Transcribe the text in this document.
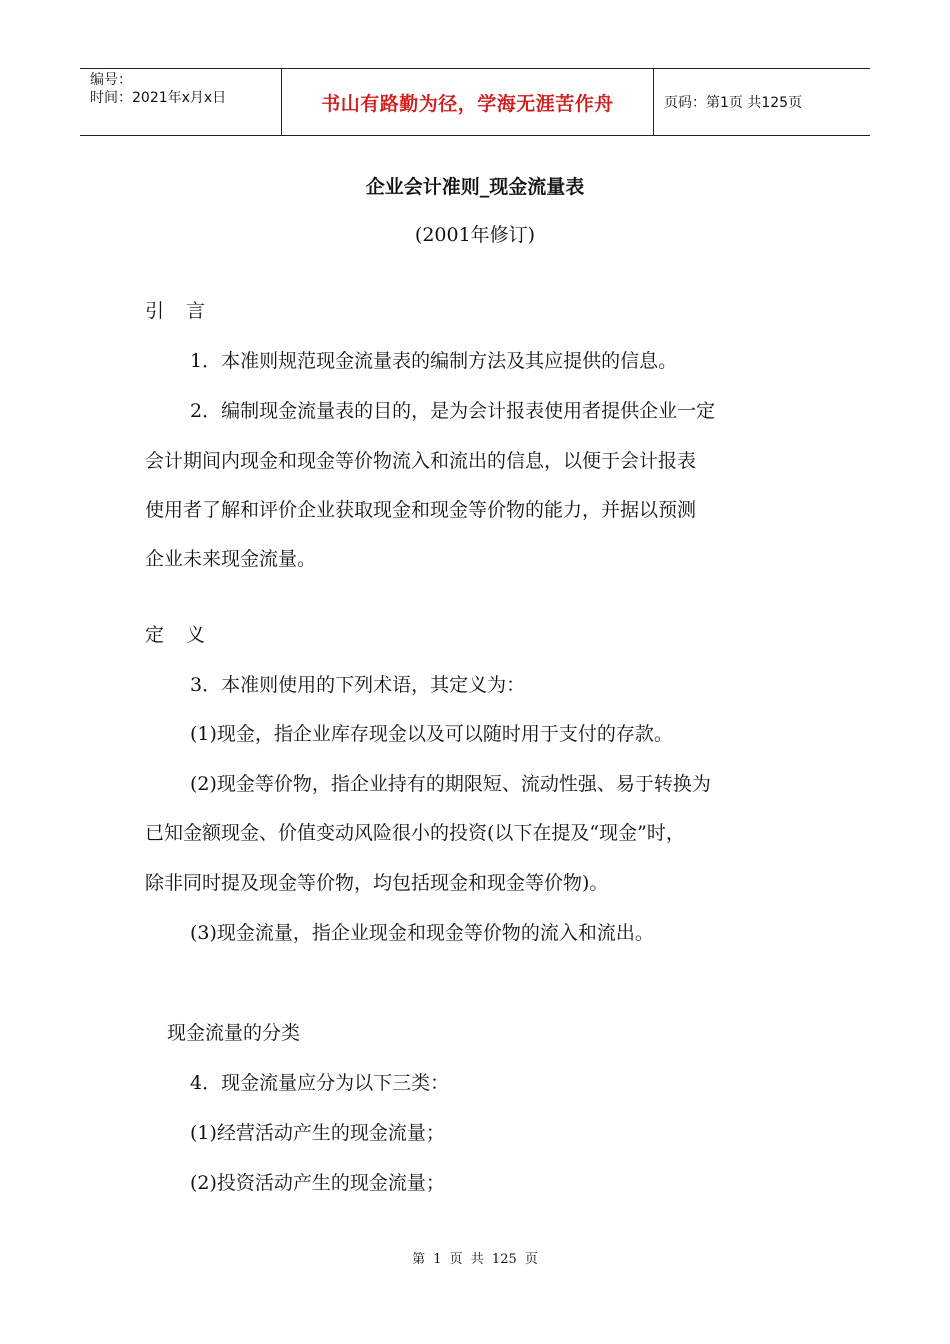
编号：
时间：2021年x月x日	书山有路勤为径，学海无涯苦作舟	页码：第1页 共125页
企业会计准则_现金流量表
(2001年修订)
引言
1．本准则规范现金流量表的编制方法及其应提供的信息。
2．编制现金流量表的目的，是为会计报表使用者提供企业一定
会计期间内现金和现金等价物流入和流出的信息，以便于会计报表
使用者了解和评价企业获取现金和现金等价物的能力，并据以预测
企业未来现金流量。
定义
3．本准则使用的下列术语，其定义为：
(1)现金，指企业库存现金以及可以随时用于支付的存款。
(2)现金等价物，指企业持有的期限短、流动性强、易于转换为
已知金额现金、价值变动风险很小的投资(以下在提及“现金”时，
除非同时提及现金等价物，均包括现金和现金等价物)。
(3)现金流量，指企业现金和现金等价物的流入和流出。
现金流量的分类
4．现金流量应分为以下三类：
(1)经营活动产生的现金流量；
(2)投资活动产生的现金流量；
第 1 页 共 125 页
